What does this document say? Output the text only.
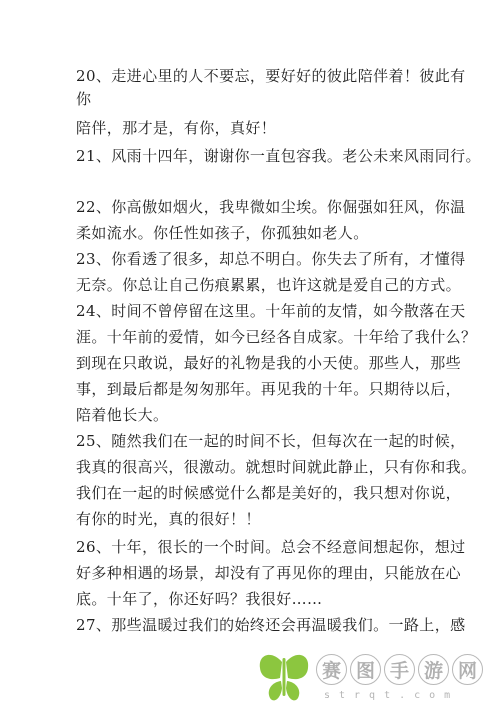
20、走进心里的人不要忘，要好好的彼此陪伴着！彼此有
你
陪伴，那才是，有你，真好！
21、风雨十四年，谢谢你一直包容我。老公未来风雨同行。
22、你高傲如烟火，我卑微如尘埃。你倔强如狂风，你温
柔如流水。你任性如孩子，你孤独如老人。
23、你看透了很多，却总不明白。你失去了所有，才懂得
无奈。你总让自己伤痕累累，也许这就是爱自己的方式。
24、时间不曾停留在这里。十年前的友情，如今散落在天
涯。十年前的爱情，如今已经各自成家。十年给了我什么？
到现在只敢说，最好的礼物是我的小天使。那些人，那些
事，到最后都是匆匆那年。再见我的十年。只期待以后，
陪着他长大。
25、随然我们在一起的时间不长，但每次在一起的时候，
我真的很高兴，很激动。就想时间就此静止，只有你和我。
我们在一起的时候感觉什么都是美好的，我只想对你说，
有你的时光，真的很好！！
26、十年，很长的一个时间。总会不经意间想起你，想过
好多种相遇的场景，却没有了再见你的理由，只能放在心
底。十年了，你还好吗？我很好……
27、那些温暖过我们的始终还会再温暖我们。一路上，感
赛 图 手 游 网
strqt.com
